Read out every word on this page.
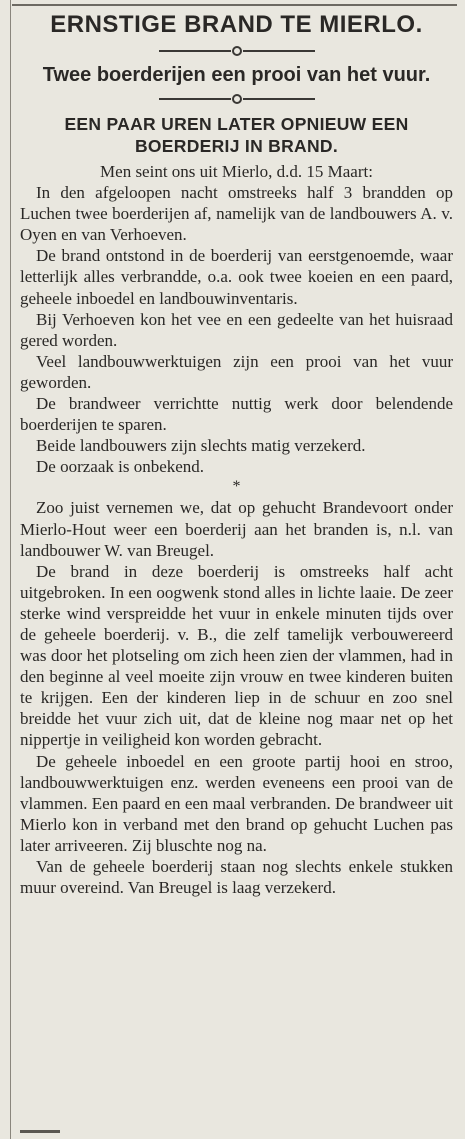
ERNSTIGE BRAND TE MIERLO.
Twee boerderijen een prooi van het vuur.
EEN PAAR UREN LATER OPNIEUW EEN BOERDERIJ IN BRAND.

Men seint ons uit Mierlo, d.d. 15 Maart:

In den afgeloopen nacht omstreeks half 3 brandden op Luchen twee boerderijen af, namelijk van de landbouwers A. v. Oyen en van Verhoeven.

De brand ontstond in de boerderij van eerstgenoemde, waar letterlijk alles verbrandde, o.a. ook twee koeien en een paard, geheele inboedel en landbouwinventaris.

Bij Verhoeven kon het vee en een gedeelte van het huisraad gered worden.

Veel landbouwwerktuigen zijn een prooi van het vuur geworden.

De brandweer verrichtte nuttig werk door belendende boerderijen te sparen.

Beide landbouwers zijn slechts matig verzekerd.

De oorzaak is onbekend.

*

Zoo juist vernemen we, dat op gehucht Brandevoort onder Mierlo-Hout weer een boerderij aan het branden is, n.l. van landbouwer W. van Breugel.

De brand in deze boerderij is omstreeks half acht uitgebroken. In een oogwenk stond alles in lichte laaie. De zeer sterke wind verspreidde het vuur in enkele minuten tijds over de geheele boerderij. v. B., die zelf tamelijk verbouwereerd was door het plotseling om zich heen zien der vlammen, had in den beginne al veel moeite zijn vrouw en twee kinderen buiten te krijgen. Een der kinderen liep in de schuur en zoo snel breidde het vuur zich uit, dat de kleine nog maar net op het nippertje in veiligheid kon worden gebracht.

De geheele inboedel en een groote partij hooi en stroo, landbouwwerktuigen enz. werden eveneens een prooi van de vlammen. Een paard en een maal verbranden. De brandweer uit Mierlo kon in verband met den brand op gehucht Luchen pas later arriveeren. Zij bluschte nog na.

Van de geheele boerderij staan nog slechts enkele stukken muur overeind. Van Breugel is laag verzekerd.
